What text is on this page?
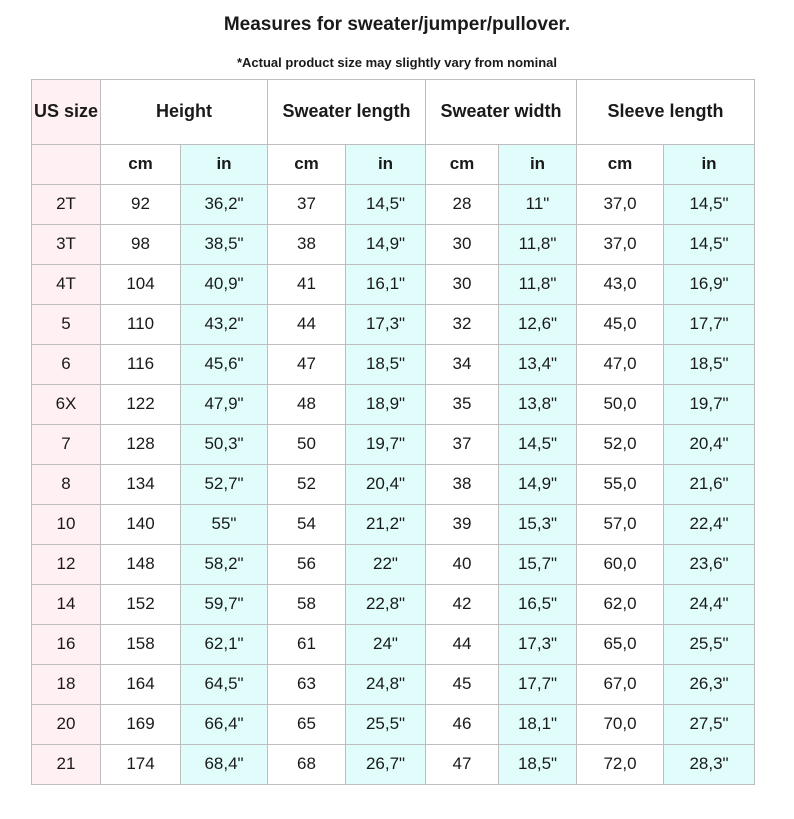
Measures for sweater/jumper/pullover.
*Actual product size may slightly vary from nominal
US size	Height		Sweater length		Sweater width		Sleeve length	
	cm	in	cm	in	cm	in	cm	in
2T	92	36,2"	37	14,5"	28	11"	37,0	14,5"
3T	98	38,5"	38	14,9"	30	11,8"	37,0	14,5"
4T	104	40,9"	41	16,1"	30	11,8"	43,0	16,9"
5	110	43,2"	44	17,3"	32	12,6"	45,0	17,7"
6	116	45,6"	47	18,5"	34	13,4"	47,0	18,5"
6X	122	47,9"	48	18,9"	35	13,8"	50,0	19,7"
7	128	50,3"	50	19,7"	37	14,5"	52,0	20,4"
8	134	52,7"	52	20,4"	38	14,9"	55,0	21,6"
10	140	55"	54	21,2"	39	15,3"	57,0	22,4"
12	148	58,2"	56	22"	40	15,7"	60,0	23,6"
14	152	59,7"	58	22,8"	42	16,5"	62,0	24,4"
16	158	62,1"	61	24"	44	17,3"	65,0	25,5"
18	164	64,5"	63	24,8"	45	17,7"	67,0	26,3"
20	169	66,4"	65	25,5"	46	18,1"	70,0	27,5"
21	174	68,4"	68	26,7"	47	18,5"	72,0	28,3"
